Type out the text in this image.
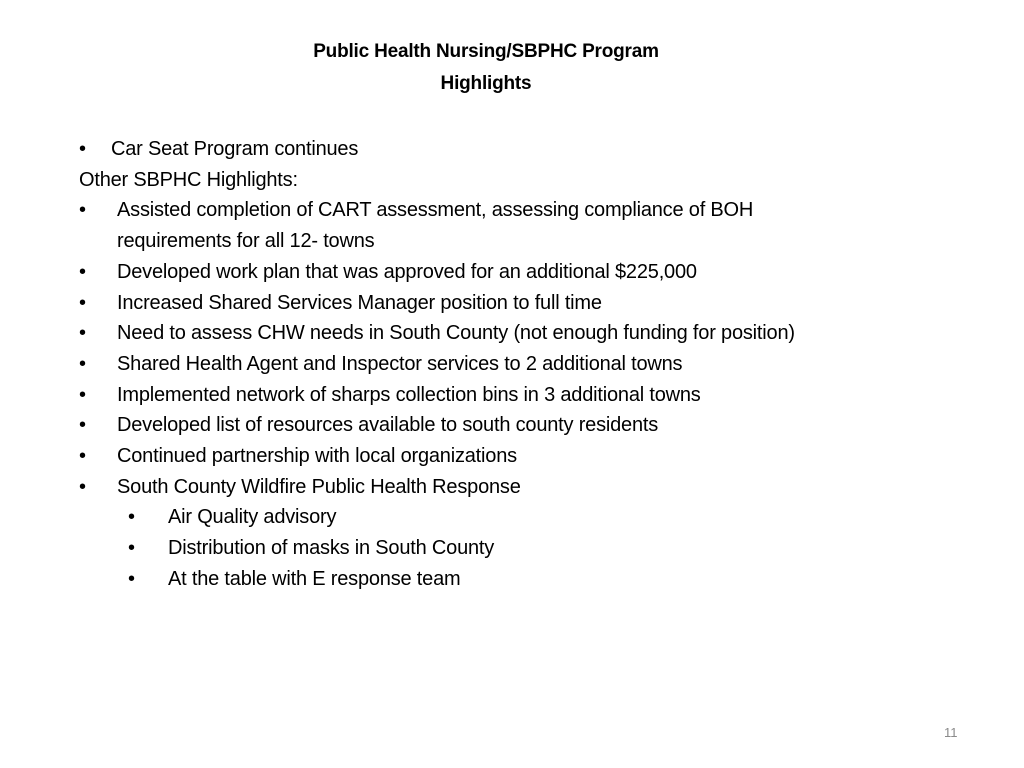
Public Health Nursing/SBPHC Program
Highlights
• Car Seat Program continues
Other SBPHC Highlights:
• Assisted completion of CART assessment, assessing compliance of BOH
requirements for all 12- towns
• Developed work plan that was approved for an additional $225,000
• Increased Shared Services Manager position to full time
• Need to assess CHW needs in South County (not enough funding for position)
• Shared Health Agent and Inspector services to 2 additional towns
• Implemented network of sharps collection bins in 3 additional towns
• Developed list of resources available to south county residents
• Continued partnership with local organizations
• South County Wildfire Public Health Response
• Air Quality advisory
• Distribution of masks in South County
• At the table with E response team
11
